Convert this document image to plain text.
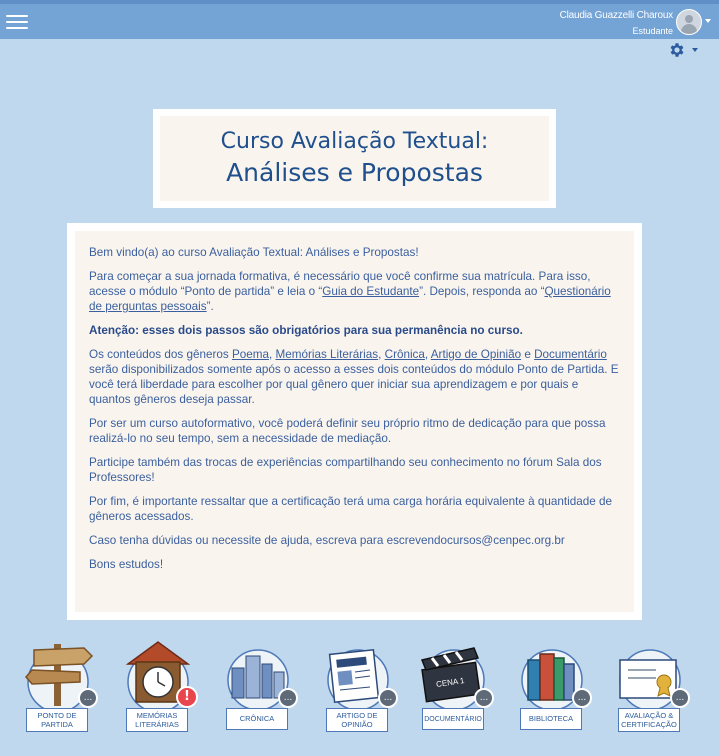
Claudia Guazzelli Charoux
Estudante
Curso Avaliação Textual:
Análises e Propostas

Bem vindo(a) ao curso Avaliação Textual: Análises e Propostas!

Para começar a sua jornada formativa, é necessário que você confirme sua matrícula. Para isso, acesse o módulo “Ponto de partida” e leia o “Guia do Estudante”. Depois, responda ao “Questionário de perguntas pessoais”.

Atenção: esses dois passos são obrigatórios para sua permanência no curso.

Os conteúdos dos gêneros Poema, Memórias Literárias, Crônica, Artigo de Opinião e Documentário serão disponibilizados somente após o acesso a esses dois conteúdos do módulo Ponto de Partida. E você terá liberdade para escolher por qual gênero quer iniciar sua aprendizagem e por quais e quantos gêneros deseja passar.

Por ser um curso autoformativo, você poderá definir seu próprio ritmo de dedicação para que possa realizá-lo no seu tempo, sem a necessidade de mediação.

Participe também das trocas de experiências compartilhando seu conhecimento no fórum Sala dos Professores!

Por fim, é importante ressaltar que a certificação terá uma carga horária equivalente à quantidade de gêneros acessados.

Caso tenha dúvidas ou necessite de ajuda, escreva para escrevendocursos@cenpec.org.br

Bons estudos!

PONTO DE PARTIDA
...
MEMÓRIAS LITERÁRIAS
!
CRÔNICA
...
ARTIGO DE OPINIÃO
...
CENA 1
DOCUMENTÁRIO
...
BIBLIOTECA
...
AVALIAÇÃO & CERTIFICAÇÃO
...
